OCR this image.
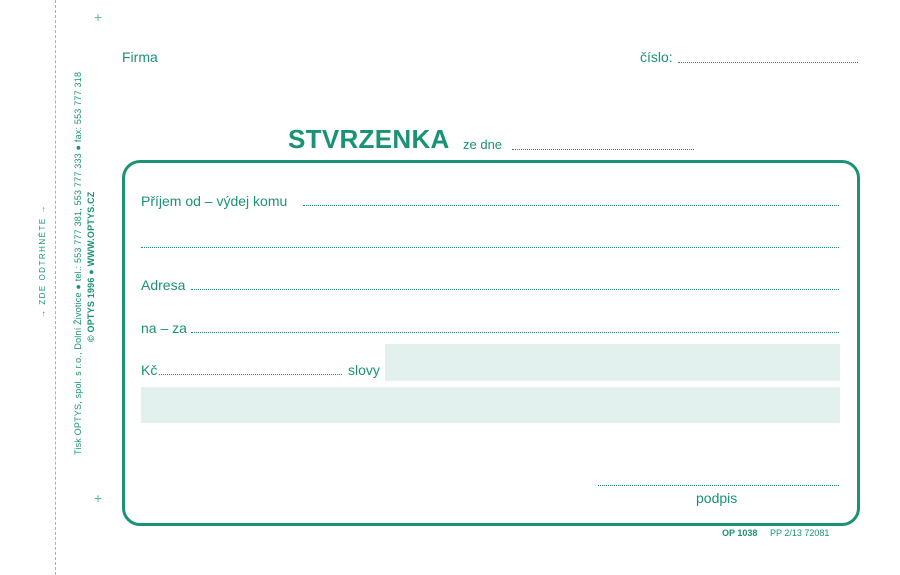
→ ZDE ODTRHNĚTE →	Tisk OPTYS, spol. s r.o., Dolní Životice ● tel.: 553 777 381, 553 777 333 ● fax: 553 777 318 © OPTYS 1996 ● WWW.OPTYS.CZ
+
+
Firma	číslo:
STVRZENKA ze dne
Příjem od – výdej komu
Adresa
na – za
Kč	slovy
podpis
OP 1038 PP 2/13 72081
